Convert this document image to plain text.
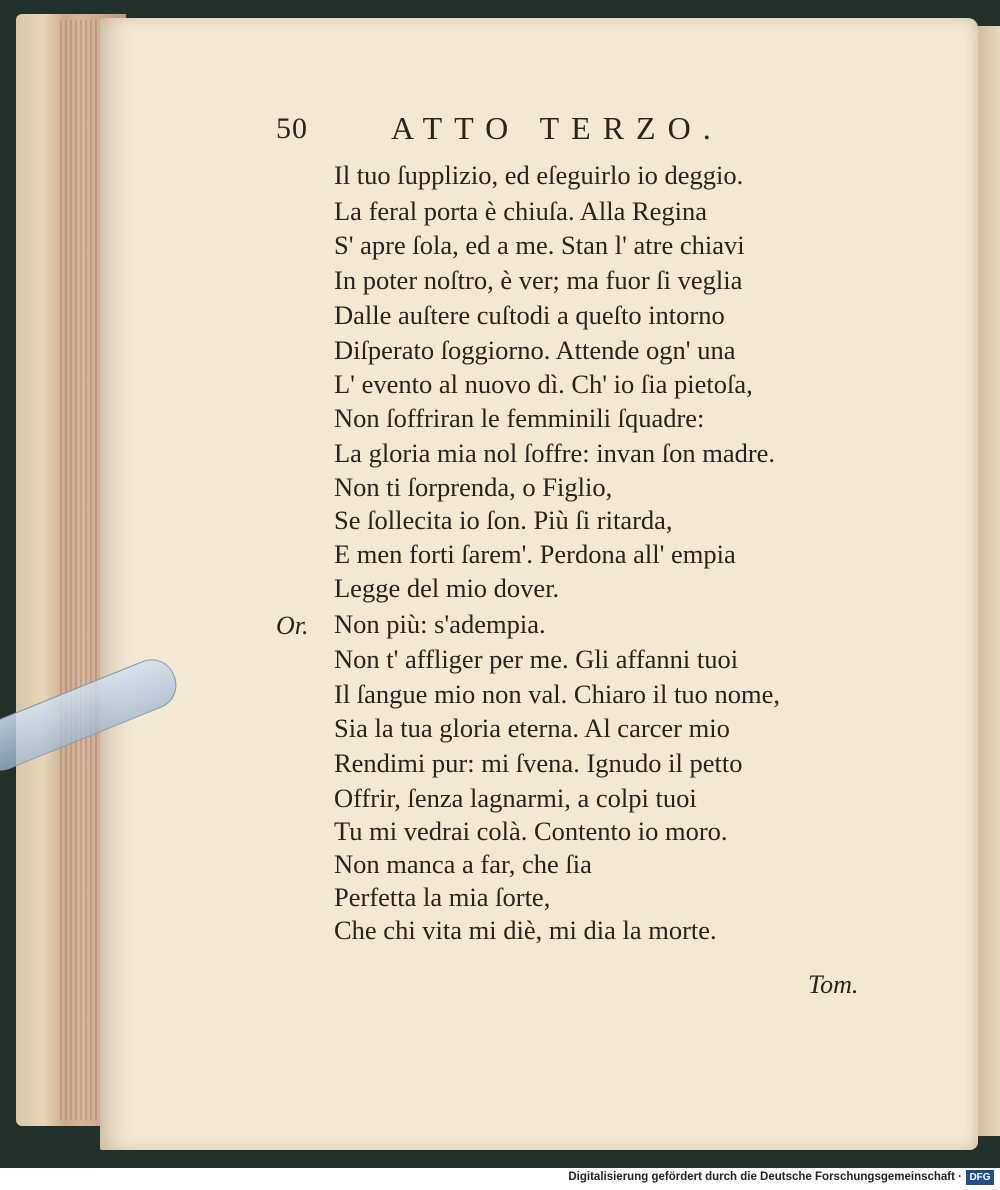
50	ATTO TERZO.
Il tuo ſupplizio, ed eſeguirlo io deggio.
La feral porta è chiuſa. Alla Regina
S' apre ſola, ed a me. Stan l' atre chiavi
In poter noſtro, è ver; ma fuor ſi veglia
Dalle auſtere cuſtodi a queſto intorno
Diſperato ſoggiorno. Attende ogn' una
L' evento al nuovo dì. Ch' io ſia pietoſa,
Non ſoffriran le femminili ſquadre:
La gloria mia nol ſoffre: invan ſon madre.
Non ti ſorprenda, o Figlio,
Se ſollecita io ſon. Più ſi ritarda,
E men forti ſarem'. Perdona all' empia
Legge del mio dover.
Or. Non più: s'adempia.
Non t' affliger per me. Gli affanni tuoi
Il ſangue mio non val. Chiaro il tuo nome,
Sia la tua gloria eterna. Al carcer mio
Rendimi pur: mi ſvena. Ignudo il petto
Offrir, ſenza lagnarmi, a colpi tuoi
Tu mi vedrai colà. Contento io moro.
Non manca a far, che ſia
Perfetta la mia ſorte,
Che chi vita mi diè, mi dia la morte.
Tom.
Digitalisierung gefördert durch die Deutsche Forschungsgemeinschaft · DFG
